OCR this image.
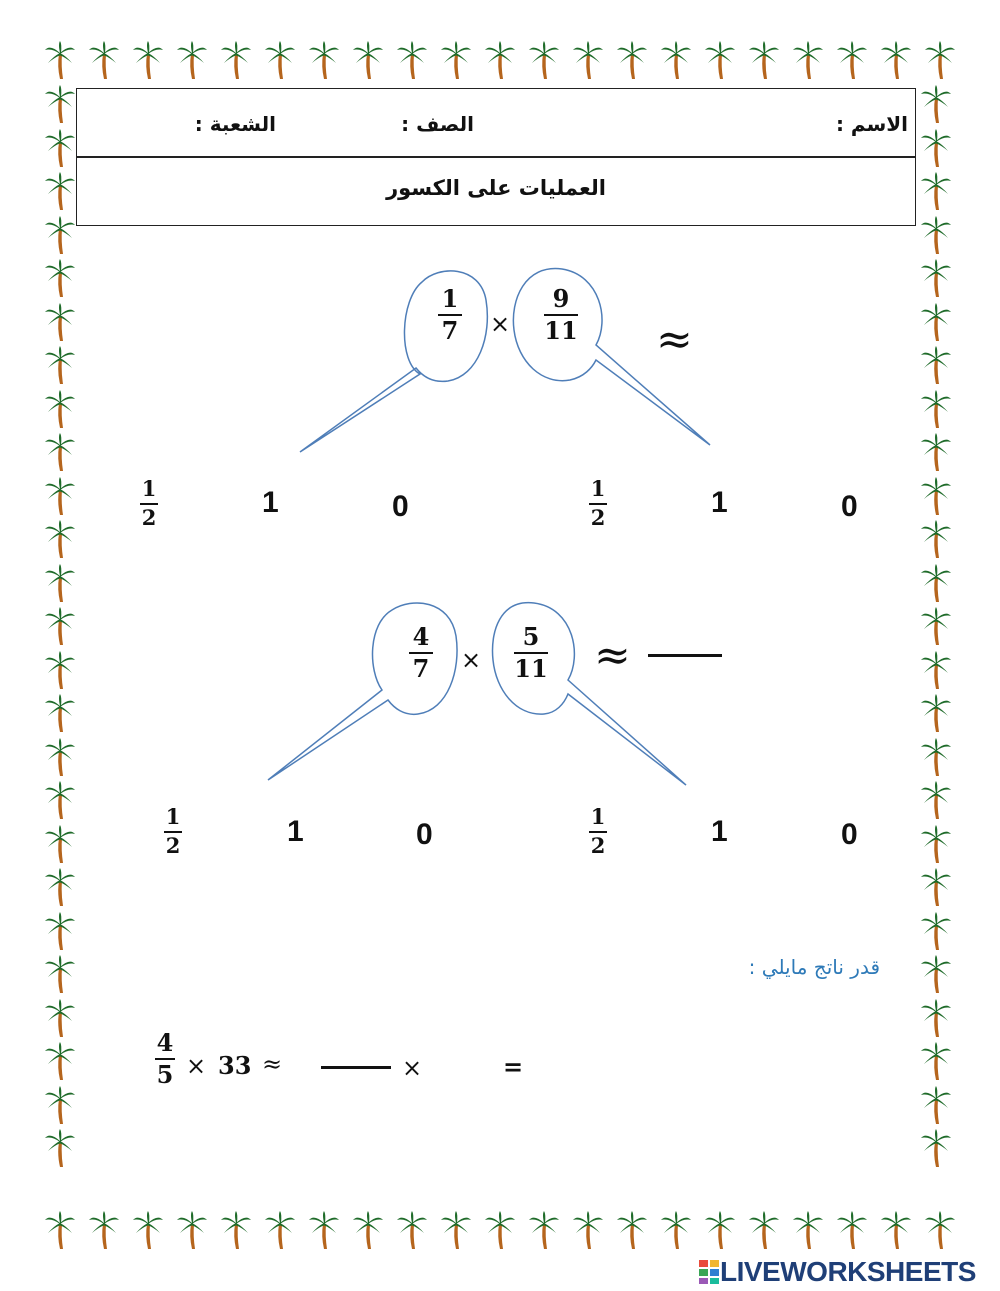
الاسم :
الصف :
الشعبة :
العمليات على الكسور
1
7 ×
9
11 ≈
1
2	1	0
1
2	1	0
4
7 ×
5
11 ≈
1
2	1	0
1
2	1	0
قدر ناتج مايلي :
4
5 × 33 ≈	×	=
LIVEWORKSHEETS
